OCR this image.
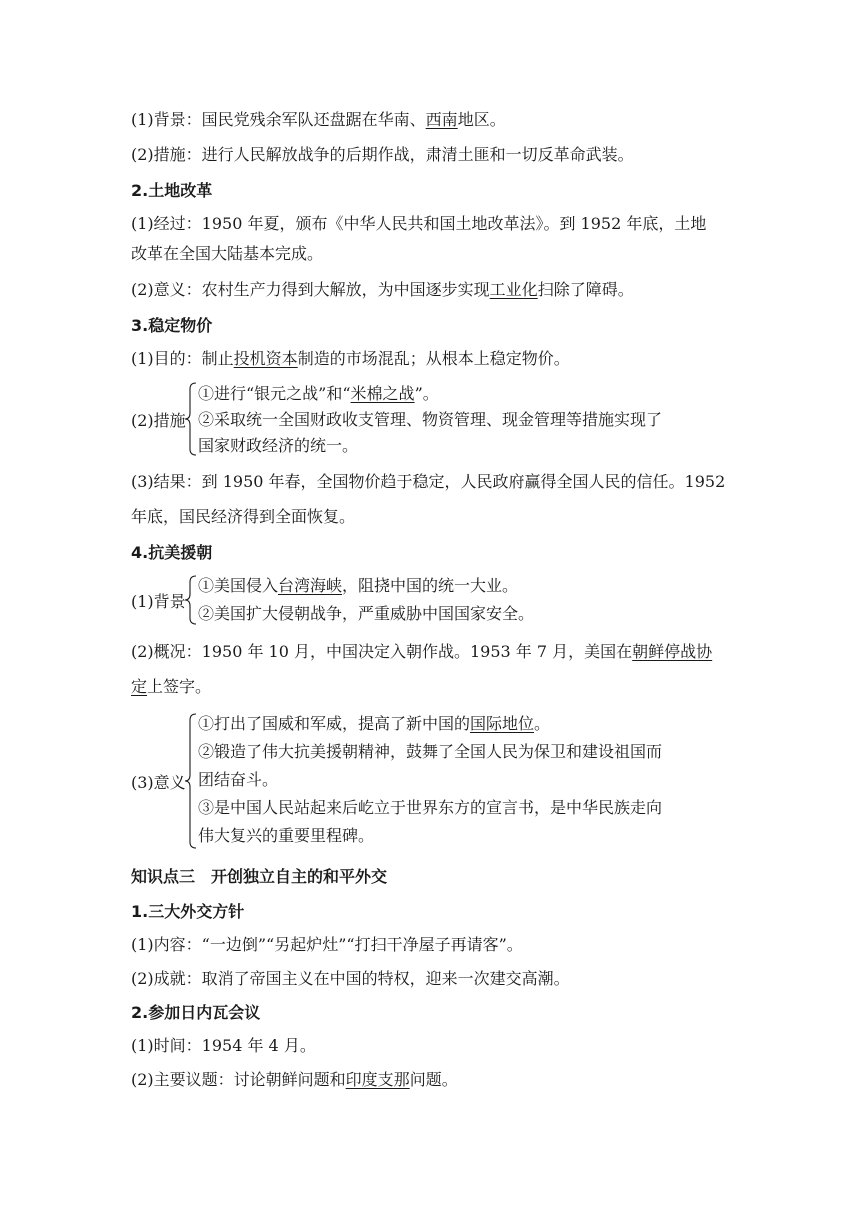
(1)背景：国民党残余军队还盘踞在华南、西南地区。
(2)措施：进行人民解放战争的后期作战，肃清土匪和一切反革命武装。
2.土地改革
(1)经过：1950 年夏，颁布《中华人民共和国土地改革法》。到 1952 年底，土地
改革在全国大陆基本完成。
(2)意义：农村生产力得到大解放，为中国逐步实现工业化扫除了障碍。
3.稳定物价
(1)目的：制止投机资本制造的市场混乱；从根本上稳定物价。
(2)措施
①进行“银元之战”和“米棉之战”。
②采取统一全国财政收支管理、物资管理、现金管理等措施实现了
国家财政经济的统一。
(3)结果：到 1950 年春，全国物价趋于稳定，人民政府赢得全国人民的信任。1952
年底，国民经济得到全面恢复。
4.抗美援朝
(1)背景
①美国侵入台湾海峡，阻挠中国的统一大业。
②美国扩大侵朝战争，严重威胁中国国家安全。
(2)概况：1950 年 10 月，中国决定入朝作战。1953 年 7 月，美国在朝鲜停战协
定上签字。
(3)意义
①打出了国威和军威，提高了新中国的国际地位。
②锻造了伟大抗美援朝精神，鼓舞了全国人民为保卫和建设祖国而
团结奋斗。
③是中国人民站起来后屹立于世界东方的宣言书，是中华民族走向
伟大复兴的重要里程碑。
知识点三　开创独立自主的和平外交
1.三大外交方针
(1)内容：“一边倒”“另起炉灶”“打扫干净屋子再请客”。
(2)成就：取消了帝国主义在中国的特权，迎来一次建交高潮。
2.参加日内瓦会议
(1)时间：1954 年 4 月。
(2)主要议题：讨论朝鲜问题和印度支那问题。
